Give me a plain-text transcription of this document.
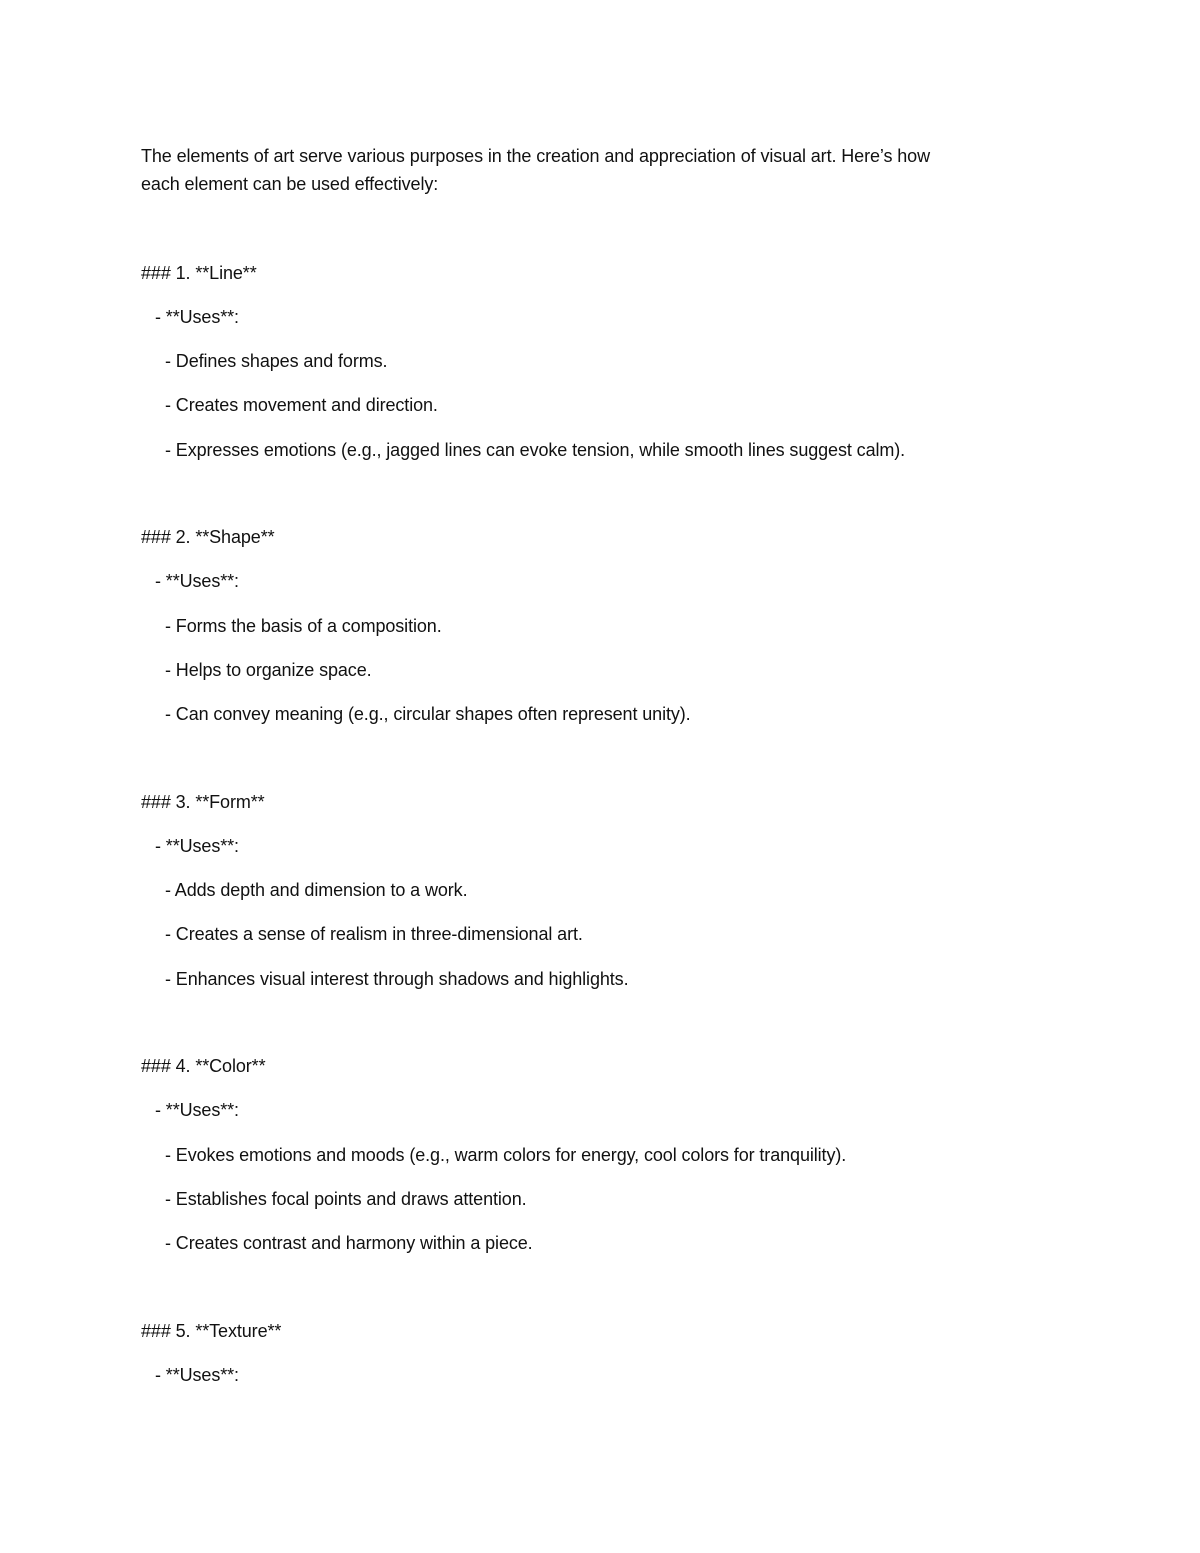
The elements of art serve various purposes in the creation and appreciation of visual art. Here’s how
each element can be used effectively:
### 1. **Line**
- **Uses**:
- Defines shapes and forms.
- Creates movement and direction.
- Expresses emotions (e.g., jagged lines can evoke tension, while smooth lines suggest calm).
### 2. **Shape**
- **Uses**:
- Forms the basis of a composition.
- Helps to organize space.
- Can convey meaning (e.g., circular shapes often represent unity).
### 3. **Form**
- **Uses**:
- Adds depth and dimension to a work.
- Creates a sense of realism in three-dimensional art.
- Enhances visual interest through shadows and highlights.
### 4. **Color**
- **Uses**:
- Evokes emotions and moods (e.g., warm colors for energy, cool colors for tranquility).
- Establishes focal points and draws attention.
- Creates contrast and harmony within a piece.
### 5. **Texture**
- **Uses**:
